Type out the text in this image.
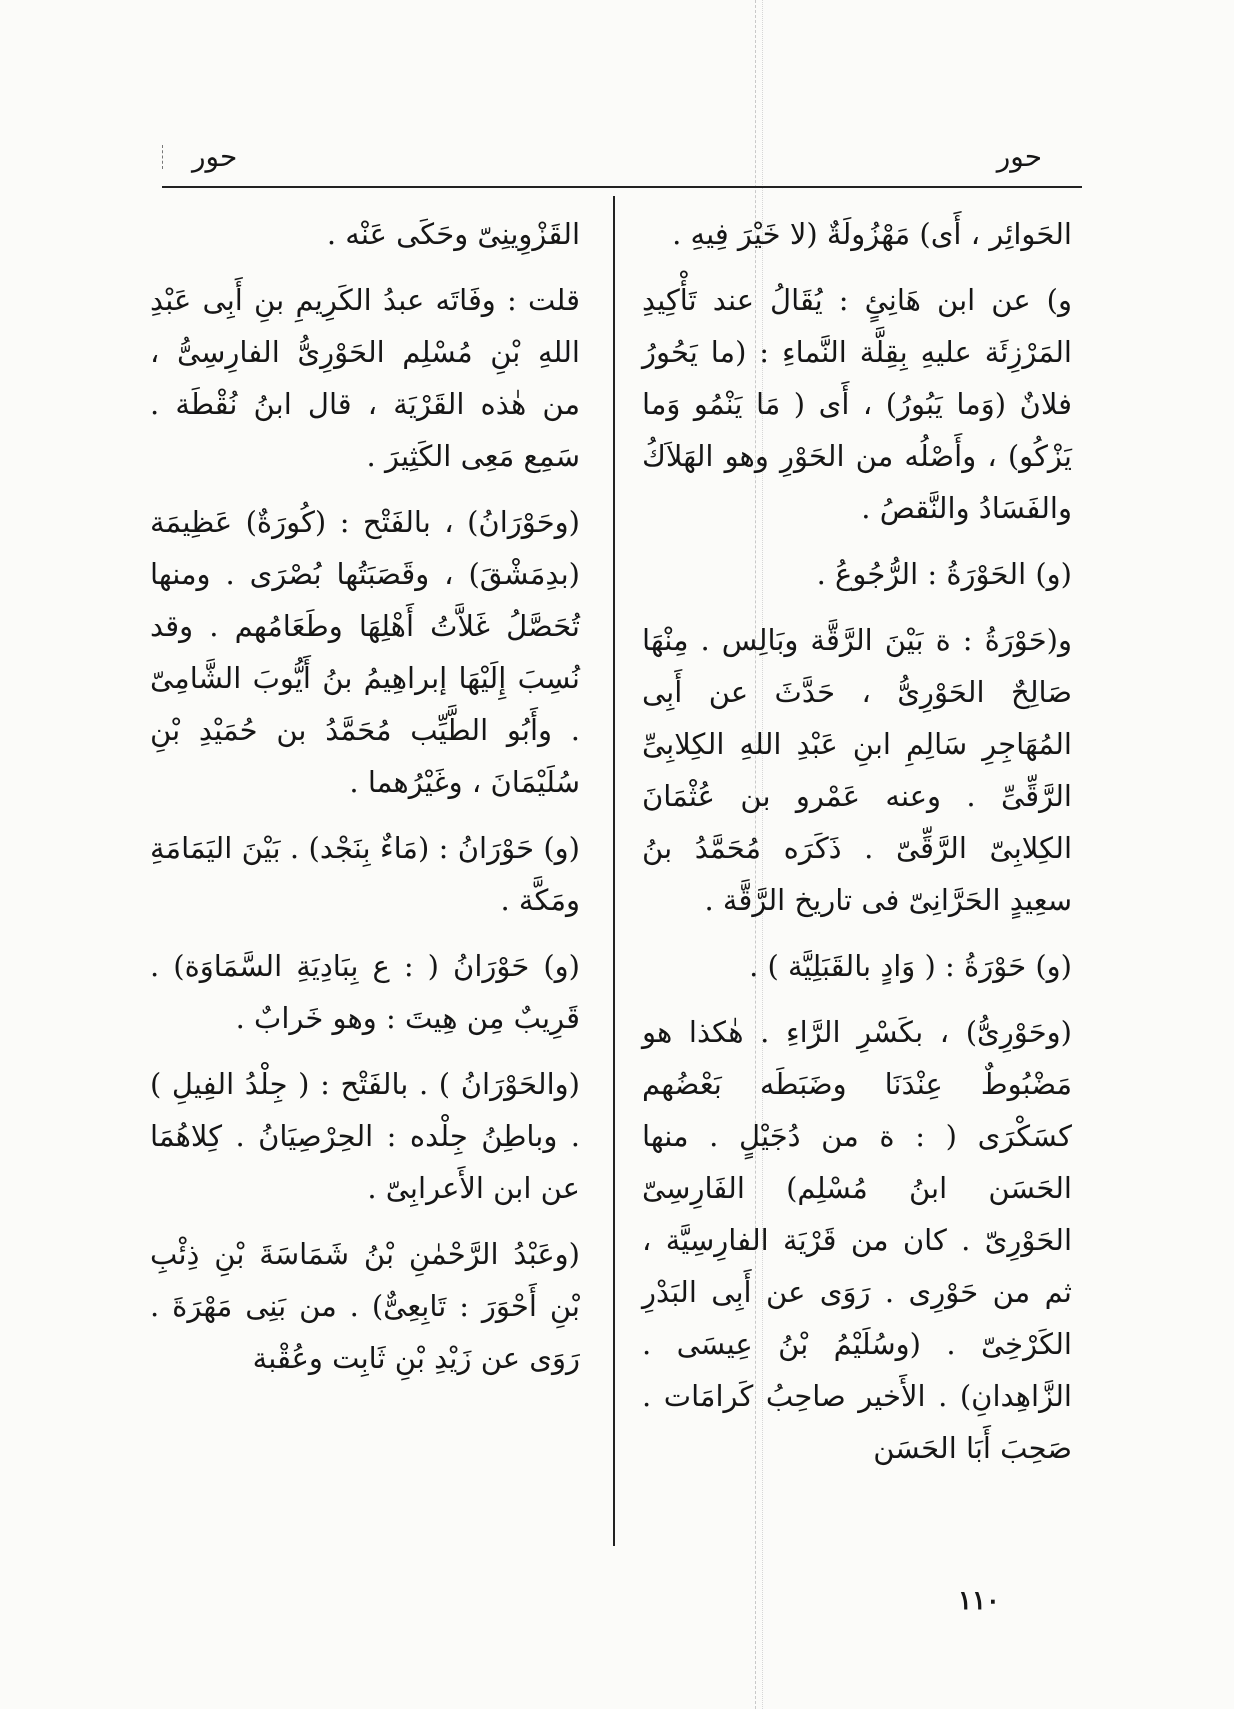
حور
حور

الحَوائِر ، أَى) مَهْزُولَةٌ (لا خَيْرَ فِيهِ .

و) عن ابن هَانِئٍ : يُقَالُ عند تَأْكِيدِ المَرْزِئَة عليهِ بِقِلَّة النَّماءِ : (ما يَحُورُ فلانٌ (وَما يَبُورُ) ، أَى ( مَا يَنْمُو وَما يَزْكُو) ، وأَصْلُه من الحَوْرِ وهو الهَلاَكُ والفَسَادُ والنَّقصُ .

(و) الحَوْرَةُ : الرُّجُوعُ .

و(حَوْرَةُ : ة بَيْنَ الرَّقَّة وبَالِس . مِنْهَا صَالِحٌ الحَوْرِىُّ ، حَدَّثَ عن أَبِى المُهَاجِرِ سَالِمِ ابنِ عَبْدِ اللهِ الكِلابِىِّ الرَّقِّىِّ . وعنه عَمْرو بن عُثْمَانَ الكِلابِىّ الرَّقِّىّ . ذَكَرَه مُحَمَّدُ بنُ سعِيدٍ الحَرَّانِىّ فى تاريخ الرَّقَّة .

(و) حَوْرَةُ : ( وَادٍ بالقَبَلِيَّة ) .

(وحَوْرِىُّ) ، بكَسْرِ الرَّاءِ . هٰكذا هو مَضْبُوطٌ عِنْدَنَا وضَبَطَه بَعْضُهم كسَكْرَى ( : ة من دُجَيْلٍ . منها الحَسَن ابنُ مُسْلِم) الفَارِسِىّ الحَوْرِىّ . كان من قَرْيَة الفارِسِيَّة ، ثم من حَوْرِى . رَوَى عن أَبِى البَدْرِ الكَرْخِىّ . (وسُلَيْمُ بْنُ عِيسَى . الزَّاهِدانِ) . الأَخير صاحِبُ كَرامَات . صَحِبَ أَبَا الحَسَن

القَزْوِينِىّ وحَكَى عَنْه .

قلت : وفَاتَه عبدُ الكَرِيمِ بنِ أَبِى عَبْدِ اللهِ بْنِ مُسْلِم الحَوْرِىُّ الفارِسِىُّ ، من هٰذه القَرْيَة ، قال ابنُ نُقْطَة . سَمِع مَعِى الكَثِيرَ .

(وحَوْرَانُ) ، بالفَتْح : (كُورَةٌ) عَظِيمَة (بدِمَشْقَ) ، وقَصَبَتُها بُصْرَى . ومنها تُحَصَّلُ غَلاَّتُ أَهْلِهَا وطَعَامُهم . وقد نُسِبَ إِلَيْهَا إبراهِيمُ بنُ أَيُّوبَ الشَّامِىّ . وأَبُو الطَّيِّب مُحَمَّدُ بن حُمَيْدِ بْنِ سُلَيْمَانَ ، وغَيْرُهما .

(و) حَوْرَانُ : (مَاءٌ بِنَجْد) . بَيْنَ اليَمَامَةِ ومَكَّة .

(و) حَوْرَانُ ( : ع بِبَادِيَةِ السَّمَاوَة) . قَرِيبٌ مِن هِيتَ : وهو خَرابٌ .

(والحَوْرَانُ ) . بالفَتْح : ( جِلْدُ الفِيلِ ) . وباطِنُ جِلْده : الحِرْصِيَانُ . كِلاهُمَا عن ابن الأَعرابِىّ .

(وعَبْدُ الرَّحْمٰنِ بْنُ شَمَاسَةَ بْنِ ذِئْبِ بْنِ أَحْوَرَ : تَابِعِىٌّ) . من بَنِى مَهْرَةَ . رَوَى عن زَيْدِ بْنِ ثَابِت وعُقْبة

١١٠
